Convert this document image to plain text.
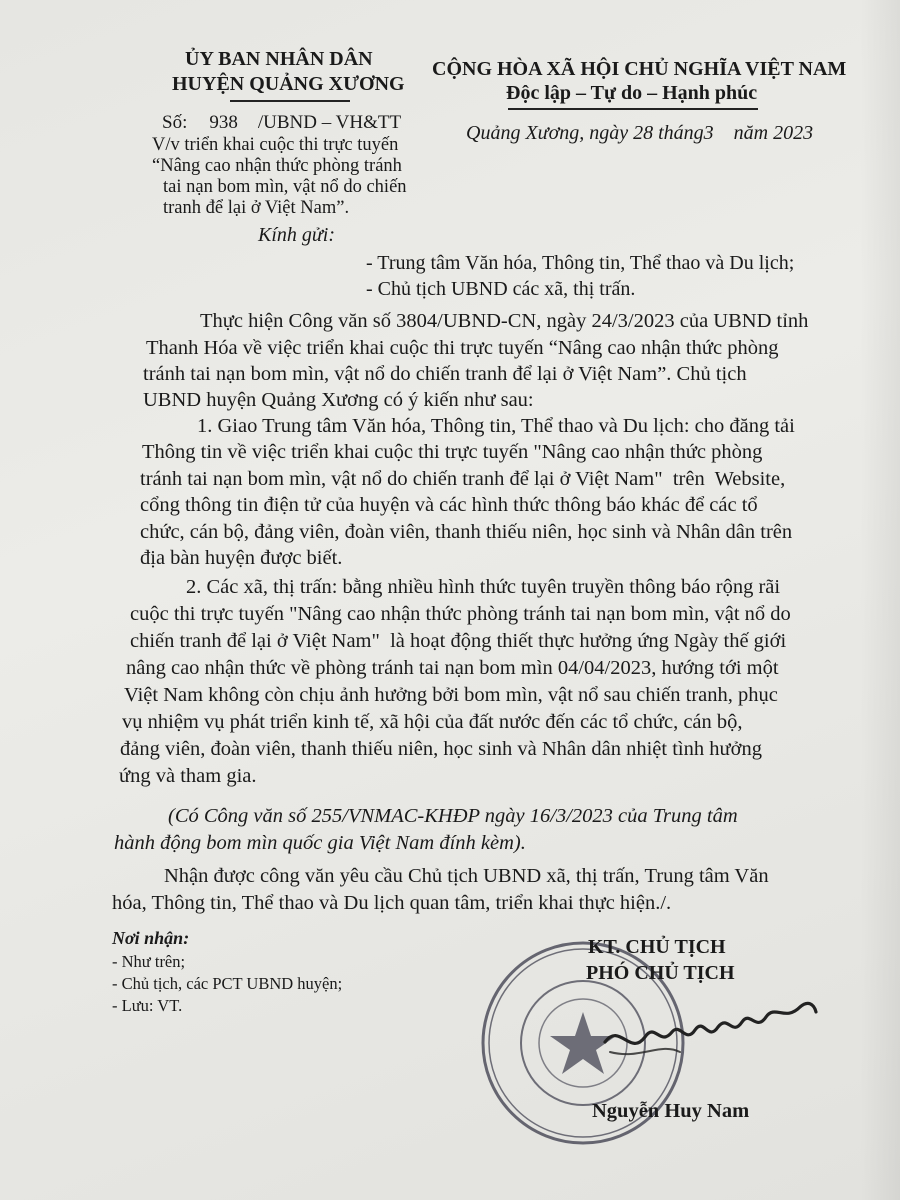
ỦY BAN NHÂN DÂN
HUYỆN QUẢNG XƯƠNG
CỘNG HÒA XÃ HỘI CHỦ NGHĨA VIỆT NAM
Độc lập – Tự do – Hạnh phúc
Số: 938 /UBND – VH&TT
V/v triển khai cuộc thi trực tuyến
“Nâng cao nhận thức phòng tránh
tai nạn bom mìn, vật nổ do chiến
tranh để lại ở Việt Nam”.
Quảng Xương, ngày 28 tháng3    năm 2023
Kính gửi:
- Trung tâm Văn hóa, Thông tin, Thể thao và Du lịch;
- Chủ tịch UBND các xã, thị trấn.
Thực hiện Công văn số 3804/UBND-CN, ngày 24/3/2023 của UBND tỉnh
Thanh Hóa về việc triển khai cuộc thi trực tuyến “Nâng cao nhận thức phòng
tránh tai nạn bom mìn, vật nổ do chiến tranh để lại ở Việt Nam”. Chủ tịch
UBND huyện Quảng Xương có ý kiến như sau:
1. Giao Trung tâm Văn hóa, Thông tin, Thể thao và Du lịch: cho đăng tải
Thông tin về việc triển khai cuộc thi trực tuyến "Nâng cao nhận thức phòng
tránh tai nạn bom mìn, vật nổ do chiến tranh để lại ở Việt Nam"  trên  Website,
cổng thông tin điện tử của huyện và các hình thức thông báo khác để các tổ
chức, cán bộ, đảng viên, đoàn viên, thanh thiếu niên, học sinh và Nhân dân trên
địa bàn huyện được biết.
2. Các xã, thị trấn: bằng nhiều hình thức tuyên truyền thông báo rộng rãi
cuộc thi trực tuyến "Nâng cao nhận thức phòng tránh tai nạn bom mìn, vật nổ do
chiến tranh để lại ở Việt Nam"  là hoạt động thiết thực hưởng ứng Ngày thế giới
nâng cao nhận thức về phòng tránh tai nạn bom mìn 04/04/2023, hướng tới một
Việt Nam không còn chịu ảnh hưởng bởi bom mìn, vật nổ sau chiến tranh, phục
vụ nhiệm vụ phát triển kinh tế, xã hội của đất nước đến các tổ chức, cán bộ,
đảng viên, đoàn viên, thanh thiếu niên, học sinh và Nhân dân nhiệt tình hưởng
ứng và tham gia.
(Có Công văn số 255/VNMAC-KHĐP ngày 16/3/2023 của Trung tâm
hành động bom mìn quốc gia Việt Nam đính kèm).
Nhận được công văn yêu cầu Chủ tịch UBND xã, thị trấn, Trung tâm Văn
hóa, Thông tin, Thể thao và Du lịch quan tâm, triển khai thực hiện./.
Nơi nhận:
- Như trên;
- Chủ tịch, các PCT UBND huyện;
- Lưu: VT.
KT. CHỦ TỊCH
PHÓ CHỦ TỊCH
Nguyễn Huy Nam
